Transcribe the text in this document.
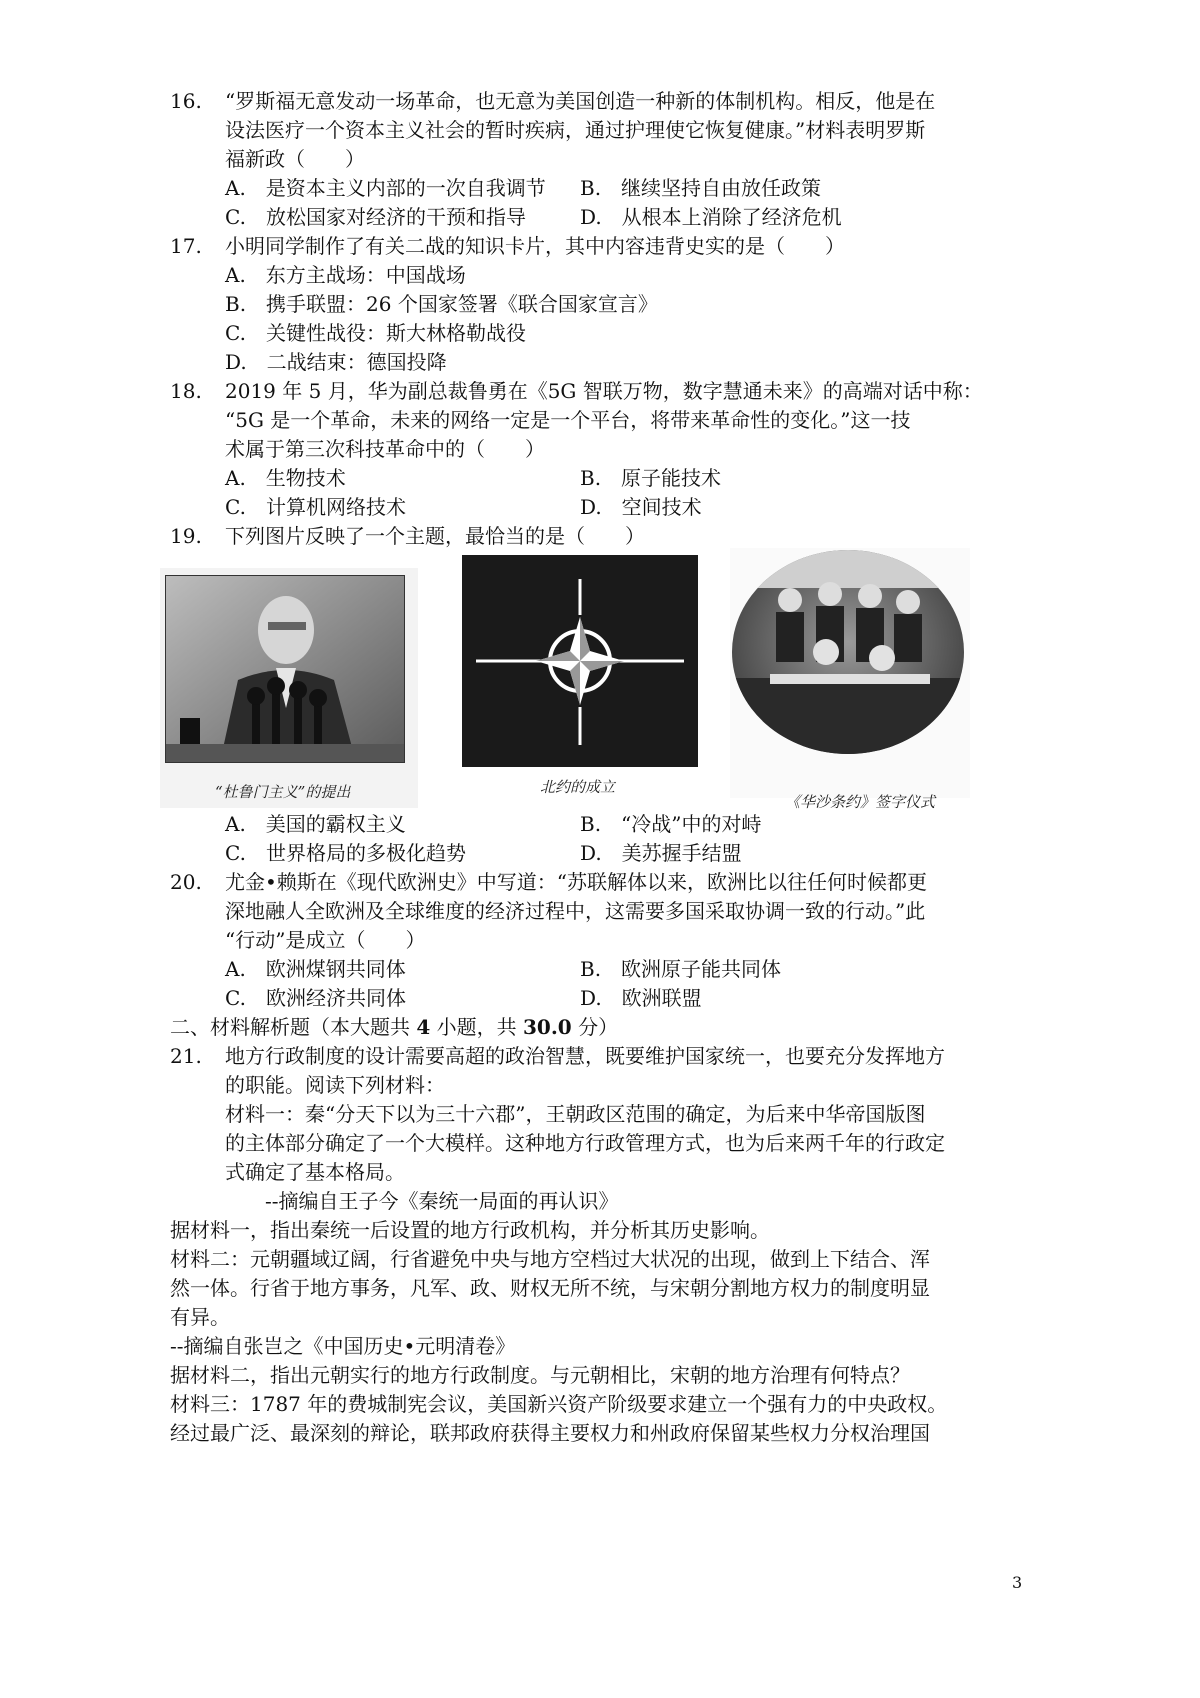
16. “罗斯福无意发动一场革命，也无意为美国创造一种新的体制机构。相反，他是在
设法医疗一个资本主义社会的暂时疾病，通过护理使它恢复健康。”材料表明罗斯
福新政（　　）
A.　是资本主义内部的一次自我调节 B.　继续坚持自由放任政策
C.　放松国家对经济的干预和指导	D.　从根本上消除了经济危机
17. 小明同学制作了有关二战的知识卡片，其中内容违背史实的是（　　）
A.　东方主战场：中国战场
B.　携手联盟：26 个国家签署《联合国家宣言》
C.　关键性战役：斯大林格勒战役
D.　二战结束：德国投降
18. 2019 年 5 月，华为副总裁鲁勇在《5G 智联万物，数字慧通未来》的高端对话中称：
“5G 是一个革命，未来的网络一定是一个平台，将带来革命性的变化。”这一技
术属于第三次科技革命中的（　　）
A.　生物技术	B.　原子能技术
C.　计算机网络技术	D.　空间技术
19. 下列图片反映了一个主题，最恰当的是（　　）
“杜鲁门主义”的提出	北约的成立
《华沙条约》签字仪式
A.　美国的霸权主义	B.　“冷战”中的对峙
C.　世界格局的多极化趋势	D.　美苏握手结盟
20. 尤金•赖斯在《现代欧洲史》中写道：“苏联解体以来，欧洲比以往任何时候都更
深地融人全欧洲及全球维度的经济过程中，这需要多国采取协调一致的行动。”此
“行动”是成立（　　）
A.　欧洲煤钢共同体	B.　欧洲原子能共同体
C.　欧洲经济共同体	D.　欧洲联盟
二、材料解析题（本大题共 4 小题，共 30.0 分）
21. 地方行政制度的设计需要高超的政治智慧，既要维护国家统一，也要充分发挥地方
的职能。阅读下列材料：
材料一：秦“分天下以为三十六郡”，王朝政区范围的确定，为后来中华帝国版图
的主体部分确定了一个大模样。这种地方行政管理方式，也为后来两千年的行政定
式确定了基本格局。
　　--摘编自王子今《秦统一局面的再认识》
据材料一，指出秦统一后设置的地方行政机构，并分析其历史影响。
材料二：元朝疆域辽阔，行省避免中央与地方空档过大状况的出现，做到上下结合、浑
然一体。行省于地方事务，凡军、政、财权无所不统，与宋朝分割地方权力的制度明显
有异。
--摘编自张岂之《中国历史•元明清卷》
据材料二，指出元朝实行的地方行政制度。与元朝相比，宋朝的地方治理有何特点？
材料三：1787 年的费城制宪会议，美国新兴资产阶级要求建立一个强有力的中央政权。
经过最广泛、最深刻的辩论，联邦政府获得主要权力和州政府保留某些权力分权治理国
3
